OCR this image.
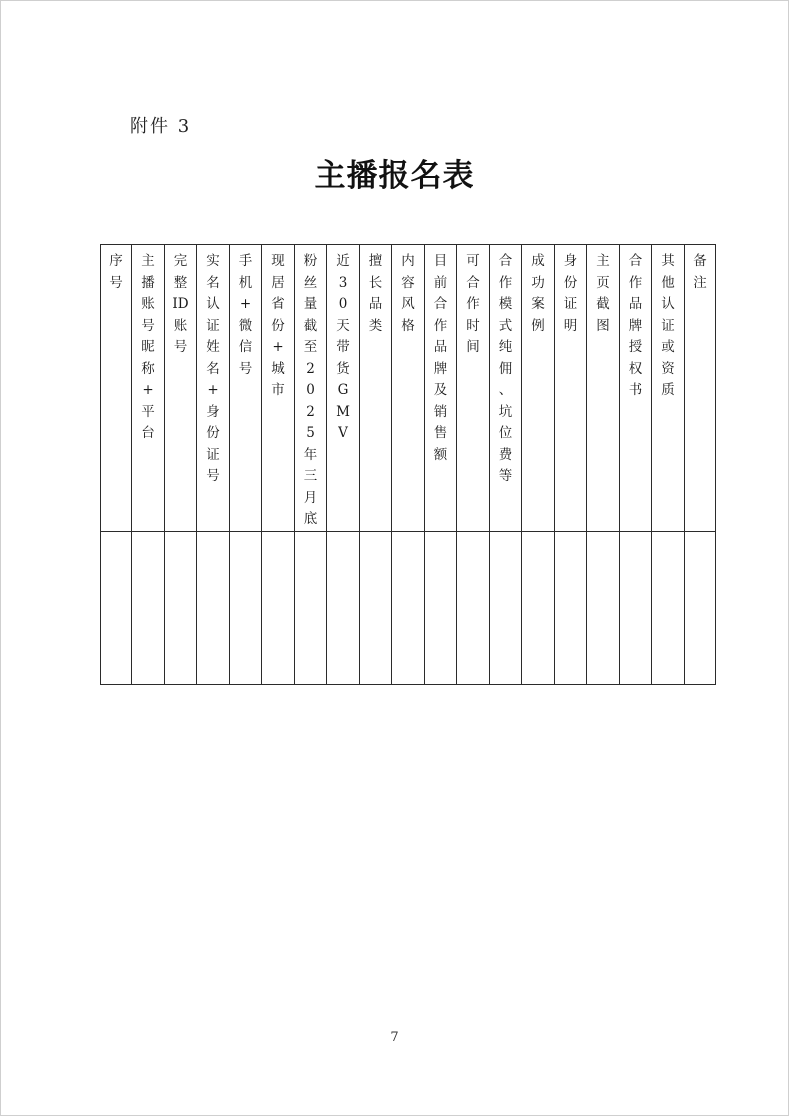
附件 3
主播报名表
序号	主播账号昵称+平台	完整ID账号	实名认证姓名+身份证号	手机+微信号	现居省份+城市	粉丝量截至2025年三月底	近30天带货GMV	擅长品类	内容风格	目前合作品牌及销售额	可合作时间	合作模式纯佣、坑位费等	成功案例	身份证明	主页截图	合作品牌授权书	其他认证或资质	备注

7
